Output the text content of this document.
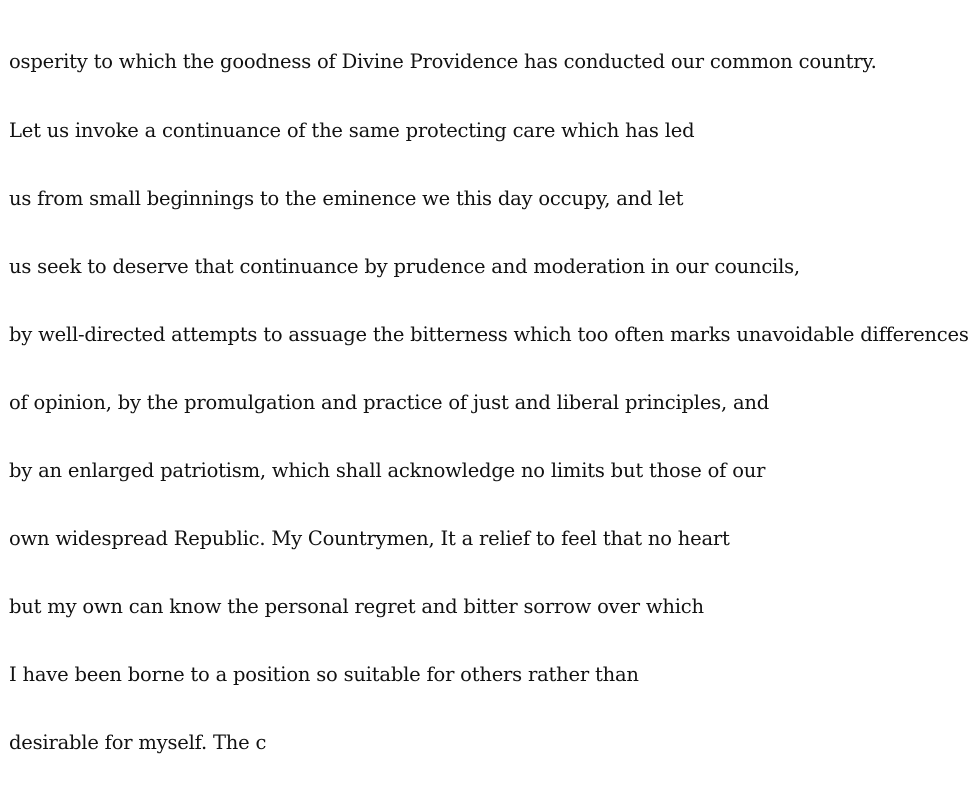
osperity to which the goodness of Divine Providence has conducted our common country.

Let us invoke a continuance of the same protecting care which has led

us from small beginnings to the eminence we this day occupy, and let

us seek to deserve that continuance by prudence and moderation in our councils,

by well-directed attempts to assuage the bitterness which too often marks unavoidable differences

of opinion, by the promulgation and practice of just and liberal principles, and

by an enlarged patriotism, which shall acknowledge no limits but those of our

own widespread Republic. My Countrymen, It a relief to feel that no heart

but my own can know the personal regret and bitter sorrow over which

I have been borne to a position so suitable for others rather than

desirable for myself. The c
